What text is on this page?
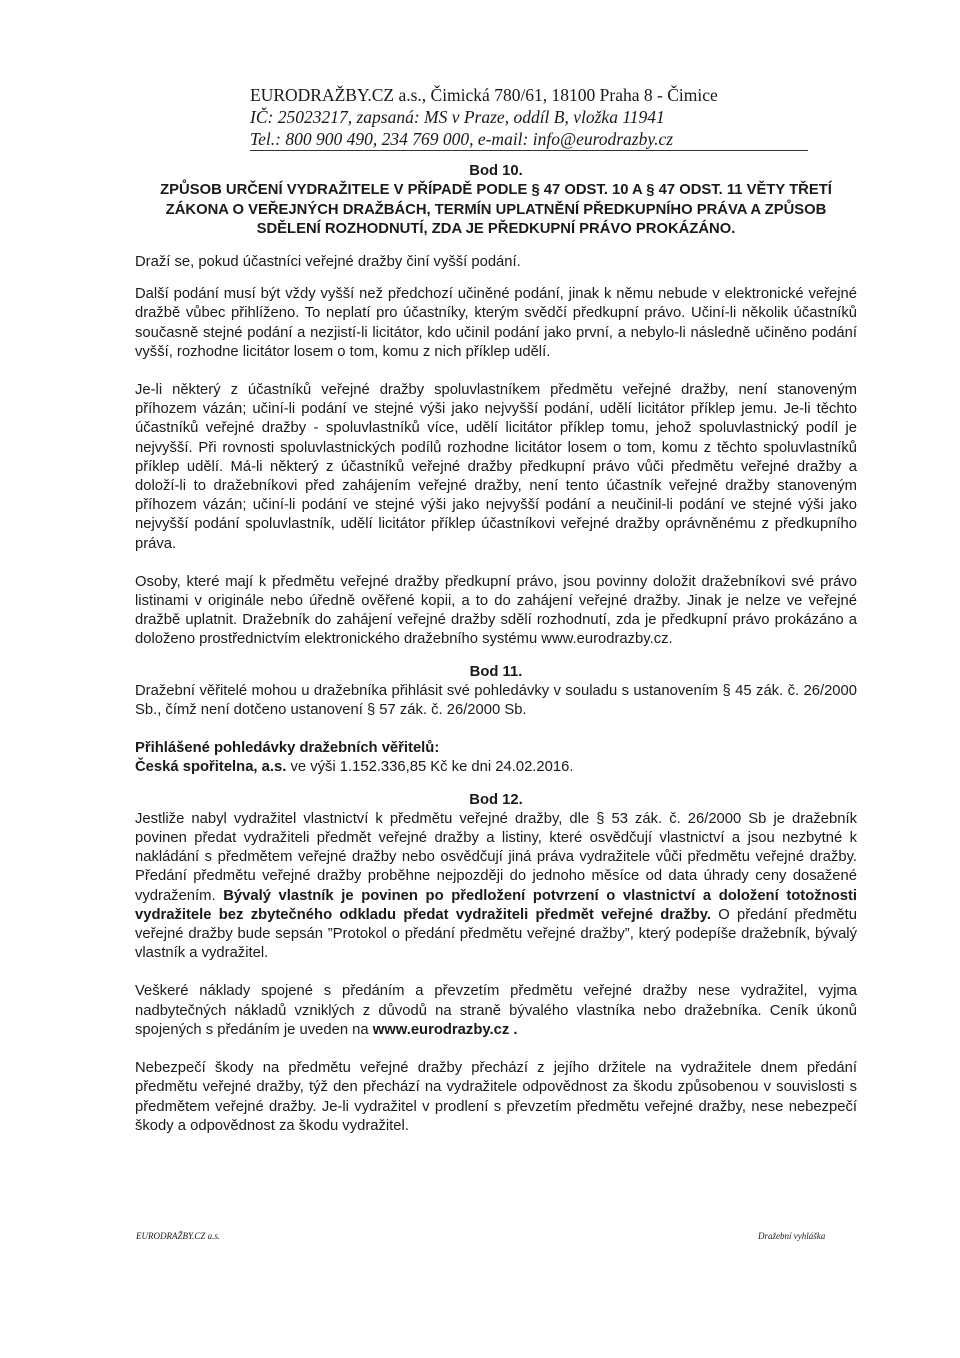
EURODRAŽBY.CZ a.s., Čimická 780/61, 18100 Praha 8 - Čimice
IČ: 25023217, zapsaná: MS v Praze, oddíl B, vložka 11941
Tel.: 800 900 490, 234 769 000, e-mail: info@eurodrazby.cz
Bod 10.
ZPŮSOB URČENÍ VYDRAŽITELE V PŘÍPADĚ PODLE § 47 ODST. 10 A § 47 ODST. 11 VĚTY TŘETÍ ZÁKONA O VEŘEJNÝCH DRAŽBÁCH, TERMÍN UPLATNĚNÍ PŘEDKUPNÍHO PRÁVA A ZPŮSOB SDĚLENÍ ROZHODNUTÍ, ZDA JE PŘEDKUPNÍ PRÁVO PROKÁZÁNO.

Draží se, pokud účastníci veřejné dražby činí vyšší podání.

Další podání musí být vždy vyšší než předchozí učiněné podání, jinak k němu nebude v elektronické veřejné dražbě vůbec přihlíženo. To neplatí pro účastníky, kterým svědčí předkupní právo. Učiní-li několik účastníků současně stejné podání a nezjistí-li licitátor, kdo učinil podání jako první, a nebylo-li následně učiněno podání vyšší, rozhodne licitátor losem o tom, komu z nich příklep udělí.

Je-li některý z účastníků veřejné dražby spoluvlastníkem předmětu veřejné dražby, není stanoveným příhozem vázán; učiní-li podání ve stejné výši jako nejvyšší podání, udělí licitátor příklep jemu. Je-li těchto účastníků veřejné dražby - spoluvlastníků více, udělí licitátor příklep tomu, jehož spoluvlastnický podíl je nejvyšší. Při rovnosti spoluvlastnických podílů rozhodne licitátor losem o tom, komu z těchto spoluvlastníků příklep udělí. Má-li některý z účastníků veřejné dražby předkupní právo vůči předmětu veřejné dražby a doloží-li to dražebníkovi před zahájením veřejné dražby, není tento účastník veřejné dražby stanoveným příhozem vázán; učiní-li podání ve stejné výši jako nejvyšší podání a neučinil-li podání ve stejné výši jako nejvyšší podání spoluvlastník, udělí licitátor příklep účastníkovi veřejné dražby oprávněnému z předkupního práva.

Osoby, které mají k předmětu veřejné dražby předkupní právo, jsou povinny doložit dražebníkovi své právo listinami v originále nebo úředně ověřené kopii, a to do zahájení veřejné dražby. Jinak je nelze ve veřejné dražbě uplatnit. Dražebník do zahájení veřejné dražby sdělí rozhodnutí, zda je předkupní právo prokázáno a doloženo prostřednictvím elektronického dražebního systému www.eurodrazby.cz.

Bod 11.

Dražební věřitelé mohou u dražebníka přihlásit své pohledávky v souladu s ustanovením § 45 zák. č. 26/2000 Sb., čímž není dotčeno ustanovení § 57 zák. č. 26/2000 Sb.

Přihlášené pohledávky dražebních věřitelů:

Česká spořitelna, a.s. ve výši 1.152.336,85 Kč ke dni 24.02.2016.

Bod 12.

Jestliže nabyl vydražitel vlastnictví k předmětu veřejné dražby, dle § 53 zák. č. 26/2000 Sb je dražebník povinen předat vydražiteli předmět veřejné dražby a listiny, které osvědčují vlastnictví a jsou nezbytné k nakládání s předmětem veřejné dražby nebo osvědčují jiná práva vydražitele vůči předmětu veřejné dražby. Předání předmětu veřejné dražby proběhne nejpozději do jednoho měsíce od data úhrady ceny dosažené vydražením. Bývalý vlastník je povinen po předložení potvrzení o vlastnictví a doložení totožnosti vydražitele bez zbytečného odkladu předat vydražiteli předmět veřejné dražby. O předání předmětu veřejné dražby bude sepsán ”Protokol o předání předmětu veřejné dražby”, který podepíše dražebník, bývalý vlastník a vydražitel.

Veškeré náklady spojené s předáním a převzetím předmětu veřejné dražby nese vydražitel, vyjma nadbytečných nákladů vzniklých z důvodů na straně bývalého vlastníka nebo dražebníka. Ceník úkonů spojených s předáním je uveden na www.eurodrazby.cz .

Nebezpečí škody na předmětu veřejné dražby přechází z jejího držitele na vydražitele dnem předání předmětu veřejné dražby, týž den přechází na vydražitele odpovědnost za škodu způsobenou v souvislosti s předmětem veřejné dražby. Je-li vydražitel v prodlení s převzetím předmětu veřejné dražby, nese nebezpečí škody a odpovědnost za škodu vydražitel.

EURODRAŽBY.CZ a.s.	Dražební vyhláška
